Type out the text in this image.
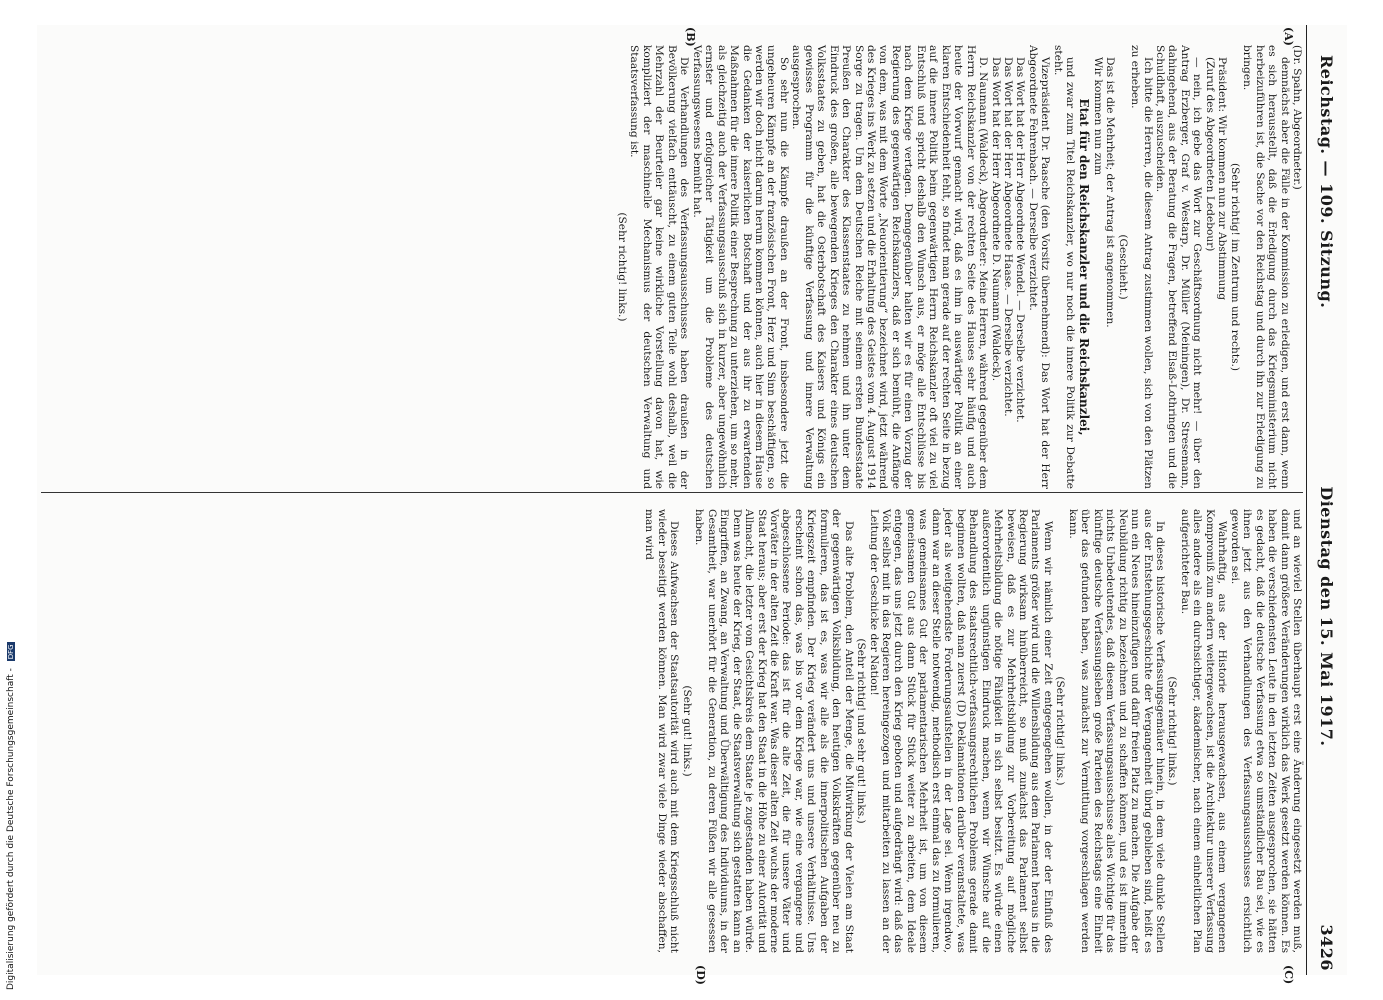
Reichstag. — 109. Sitzung.
Dienstag den 15. Mai 1917.
3426
(A)
(B)
(C)
(D)

(Dr. Spahn, Abgeordneter.)

demnächst aber die Fälle in der Kommission zu erledigen, und erst dann, wenn es sich herausstellt, daß die Erledigung durch das Kriegsministerium nicht herbeizuführen ist, die Sache vor den Reichstag und durch ihn zur Erledigung zu bringen.

(Sehr richtig! im Zentrum und rechts.)

Präsident: Wir kommen nun zur Abstimmung

(Zuruf des Abgeordneten Ledebour)

— nein, ich gebe das Wort zur Geschäftsordnung nicht mehr! — über den Antrag Erzberger, Graf v. Westarp, Dr. Müller (Meiningen), Dr. Stresemann, dahingehend, aus der Beratung die Fragen, betreffend Elsaß-Lothringen und die Schuldhaft, auszuscheiden.

Ich bitte die Herren, die diesem Antrag zustimmen wollen, sich von den Plätzen zu erheben.

(Geschieht.)

Das ist die Mehrheit; der Antrag ist angenommen.

Wir kommen nun zum

Etat für den Reichskanzler und die Reichskanzlei,

und zwar zum Titel Reichskanzler, wo nur noch die innere Politik zur Debatte steht.

Vizepräsident Dr. Paasche (den Vorsitz übernehmend): Das Wort hat der Herr Abgeordnete Fehrenbach. — Derselbe verzichtet.

Das Wort hat der Herr Abgeordnete Wendel. — Derselbe verzichtet.

Das Wort hat der Herr Abgeordnete Haase. — Derselbe verzichtet.

Das Wort hat der Herr Abgeordnete D. Naumann (Waldeck).

D. Naumann (Waldeck), Abgeordneter: Meine Herren, während gegenüber dem Herrn Reichskanzler von der rechten Seite des Hauses sehr häufig und auch heute der Vorwurf gemacht wird, daß es ihm in auswärtiger Politik an einer klaren Entschiedenheit fehlt, so findet man gerade auf der rechten Seite in bezug auf die innere Politik beim gegenwärtigen Herrn Reichskanzler oft viel zu viel Entschluß und spricht deshalb den Wunsch aus, er möge alle Entschlüsse bis nach dem Kriege vertagen. Demgegenüber halten wir es für einen Vorzug der Regierung des gegenwärtigen Reichskanzlers, daß er sich bemüht, die Anfänge von dem, was mit dem Worte „Neuorientierung“ bezeichnet wird, jetzt während des Krieges ins Werk zu setzen und die Erhaltung des Geistes vom 4. August 1914 Sorge zu tragen. Um dem Deutschen Reiche mit seinem ersten Bundesstaate Preußen den Charakter des Klassenstaates zu nehmen und ihn unter dem Eindruck des großen, alle bewegenden Krieges den Charakter eines deutschen Volksstaates zu geben, hat die Osterbotschaft des Kaisers und Königs ein gewisses Programm für die künftige Verfassung und innere Verwaltung ausgesprochen.

So sehr nun die Kämpfe draußen an der Front, insbesondere jetzt die ungeheuren Kämpfe an der französischen Front, Herz und Sinn beschäftigen, so werden wir doch nicht darum herum kommen können, auch hier in diesem Hause die Gedanken der kaiserlichen Botschaft und der aus ihr zu erwartenden Maßnahmen für die innere Politik einer Besprechung zu unterziehen, um so mehr, als gleichzeitig auch der Verfassungsausschuß sich in kurzer, aber ungewöhnlich ernster und erfolgreicher Tätigkeit um die Probleme des deutschen Verfassungswesens bemüht hat.

Die Verhandlungen des Verfassungsausschusses haben draußen in der Bevölkerung vielfach enttäuscht, zu einem guten Teile wohl deshalb, weil die Mehrzahl der Beurteiler gar keine wirkliche Vorstellung davon hat, wie kompliziert der maschinelle Mechanismus der deutschen Verwaltung und Staatsverfassung ist.

(Sehr richtig! links.)

und an wieviel Stellen überhaupt erst eine Änderung eingesetzt werden muß, damit dann größere Veränderungen wirklich das Werk gesetzt werden können. Es haben die verschiedensten Leute in den letzten Zeiten ausgesprochen, sie hätten es gedacht, daß die deutsche Verfassung etwa so umständlicher Bau sei, wie es ihnen jetzt aus den Verhandlungen des Verfassungsausschusses ersichtlich geworden sei.

Wahrhaftig, aus der Historie herausgewachsen, aus einem vergangenen Kompromiß zum andern weitergewachsen, ist die Architektur unserer Verfassung alles andere als ein durchsichtiger, akademischer, nach einem einheitlichen Plan aufgerichteter Bau.

(Sehr richtig! links.)

In dieses historische Verfassungsgemäuer hinein, in dem viele dunkle Stellen aus der Entstehungsgeschichte der Vergangenheit übrig geblieben sind, heißt es nun ein Neues hineinzufügen und dafür freien Platz zu machen. Die Aufgabe der Neubildung richtig zu bezeichnen und zu schaffen können, und es ist immerhin nichts Unbedeutendes, daß diesem Verfassungsausschusse alles Wichtige für das künftige deutsche Verfassungsleben große Parteien des Reichstags eine Einheit über das gefunden haben, was zunächst zur Vermittlung vorgeschlagen werden kann.

(Sehr richtig! links.)

Wenn wir nämlich einer Zeit entgegengehen wollen, in der der Einfluß des Parlaments größer wird und die Willensbildung aus dem Parlament heraus in die Regierung wirksam hinüberreicht, so muß zunächst das Parlament selbst beweisen, daß es zur Mehrheitsbildung zur Vorbereitung auf mögliche Mehrheitsbildung die nötige Fähigkeit in sich selbst besitzt. Es würde einen außerordentlich ungünstigen Eindruck machen, wenn wir Wünsche auf die Behandlung des staatsrechtlich-verfassungsrechtlichen Problems gerade damit beginnen wollten, daß man zuerst (D) Deklamationen darüber veranstaltete, was jeder als weitgehendste Forderungsaufstellen in der Lage sei. Wenn irgendwo, dann war an dieser Stelle notwendig, methodisch erst einmal das zu formulieren, was gemeinsames Gut der parlamentarischen Mehrheit ist, um von diesem gemeinsamen Gut aus dann Stück für Stück weiter zu arbeiten, dem Ideale entgegen, das uns jetzt durch den Krieg geboten und aufgedrängt wird: daß das Volk selbst mit in das Regieren hereingezogen und mitarbeiten zu lassen an der Leitung der Geschicke der Nation!

(Sehr richtig! und sehr gut! links.)

Das alte Problem, den Anteil der Menge, die Mitwirkung der Vielen am Staat der gegenwärtigen Volksbildung, den heutigen Volkskräften gegenüber neu zu formulieren, das ist es, was wir alle als die innerpolitischen Aufgaben der Kriegszeit empfinden. Der Krieg verändert uns und unsere Verhältnisse. Uns erscheint schon das, was bis vor dem Kriege war, wie eine vergangene und abgeschlossene Periode: das ist für die alte Zeit, die für unsere Väter und Vorväter in der alten Zeit die Kraft war. Was dieser alten Zeit wuchs der moderne Staat heraus; aber erst der Krieg hat den Staat in die Höhe zu einer Autorität und Allmacht, die letzter vom Gesichtskreis dem Staate je zugestanden haben würde. Denn was heute der Krieg, der Staat, die Staatsverwaltung sich gestatten kann an Eingriffen, an Zwang, an Verwaltung und Überwältigung des Individuums, in der Gesamtheit, war unerhört für die Generation, zu deren Füßen wir alle gesessen haben.

(Sehr gut! links.)

Dieses Aufwachsen der Staatsautorität wird auch mit dem Kriegsschluß nicht wieder beseitigt werden können. Man wird zwar viele Dinge wieder abschaffen, man wird

Digitalisierung gefördert durch die Deutsche Forschungsgemeinschaft - DFG
